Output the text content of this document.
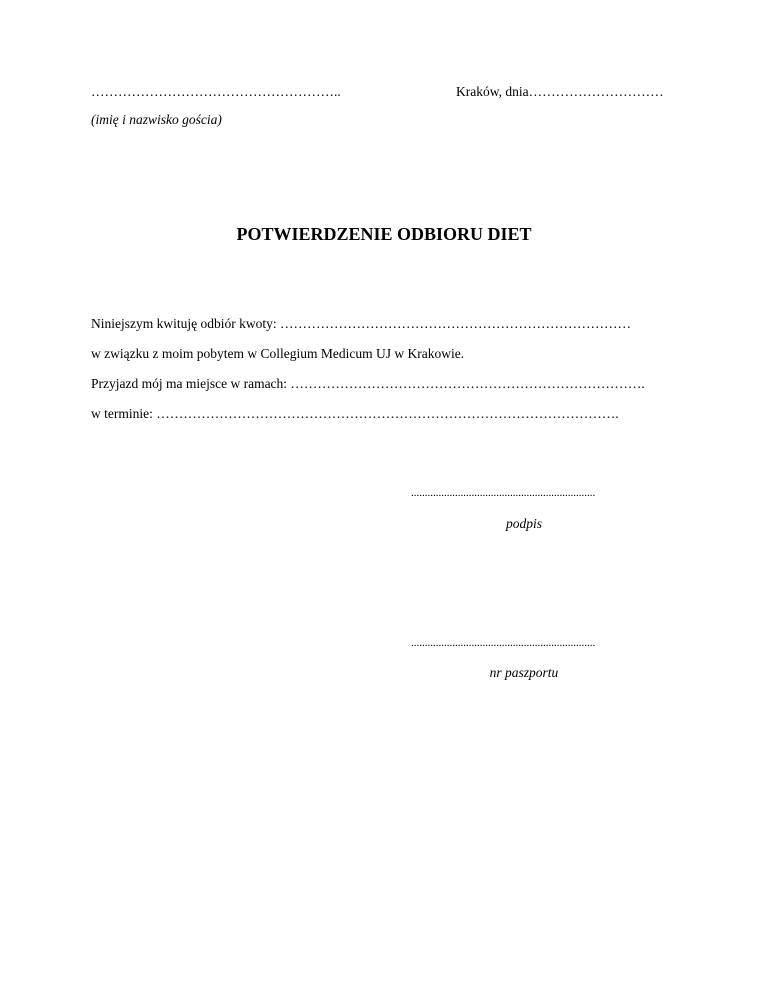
………………………………………………..	Kraków, dnia…………………………
(imię i nazwisko gościa)
POTWIERDZENIE ODBIORU DIET
Niniejszym kwituję odbiór kwoty: ……………………………………………………………………
w związku z moim pobytem w Collegium Medicum UJ w Krakowie.
Przyjazd mój ma miejsce w ramach: …………………………………………………………………….
w terminie: ………………………………………………………………………………………….
...................................................................
podpis
...................................................................
nr paszportu
